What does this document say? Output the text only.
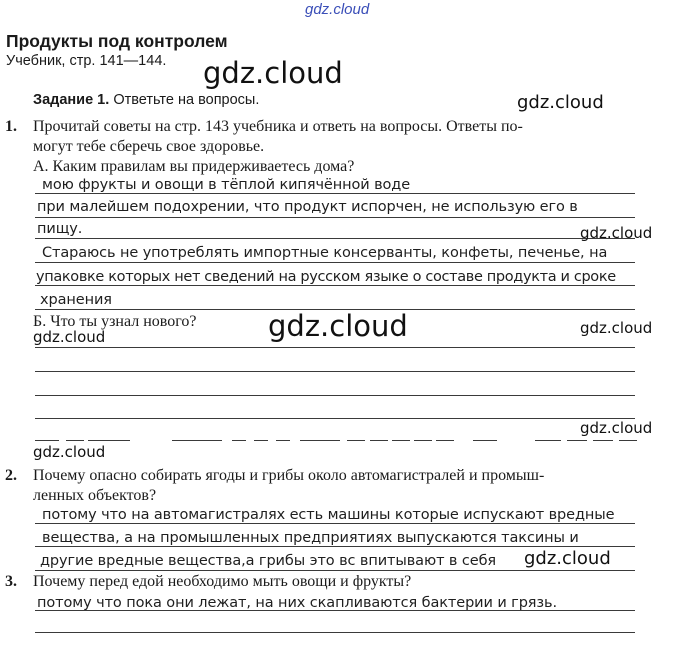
gdz.cloud
Продукты под контролем
Учебник, стр. 141—144.
Задание 1. Ответьте на вопросы.
1. Прочитай советы на стр. 143 учебника и ответь на вопросы. Ответы по-
могут тебе сберечь свое здоровье.
А. Каким правилам вы придерживаетесь дома?
мою фрукты и овощи в тёплой кипячённой воде
при малейшем подохрении, что продукт испорчен, не использую его в
пищу.
Стараюсь не употреблять импортные консерванты, конфеты, печенье, на
упаковке которых нет сведений на русском языке о составе продукта и сроке
хранения
Б. Что ты узнал нового?
2. Почему опасно собирать ягоды и грибы около автомагистралей и промыш-
ленных объектов?
потому что на автомагистралях есть машины которые испускают вредные
вещества, а на промышленных предприятиях выпускаются таксины и
другие вредные вещества,а грибы это вс впитывают в себя
3. Почему перед едой необходимо мыть овощи и фрукты?
потому что пока они лежат, на них скапливаются бактерии и грязь.
gdz.cloud
gdz.cloud
gdz.cloud
gdz.cloud	gdz.cloud
gdz.cloud
gdz.cloud
gdz.cloud
gdz.cloud
